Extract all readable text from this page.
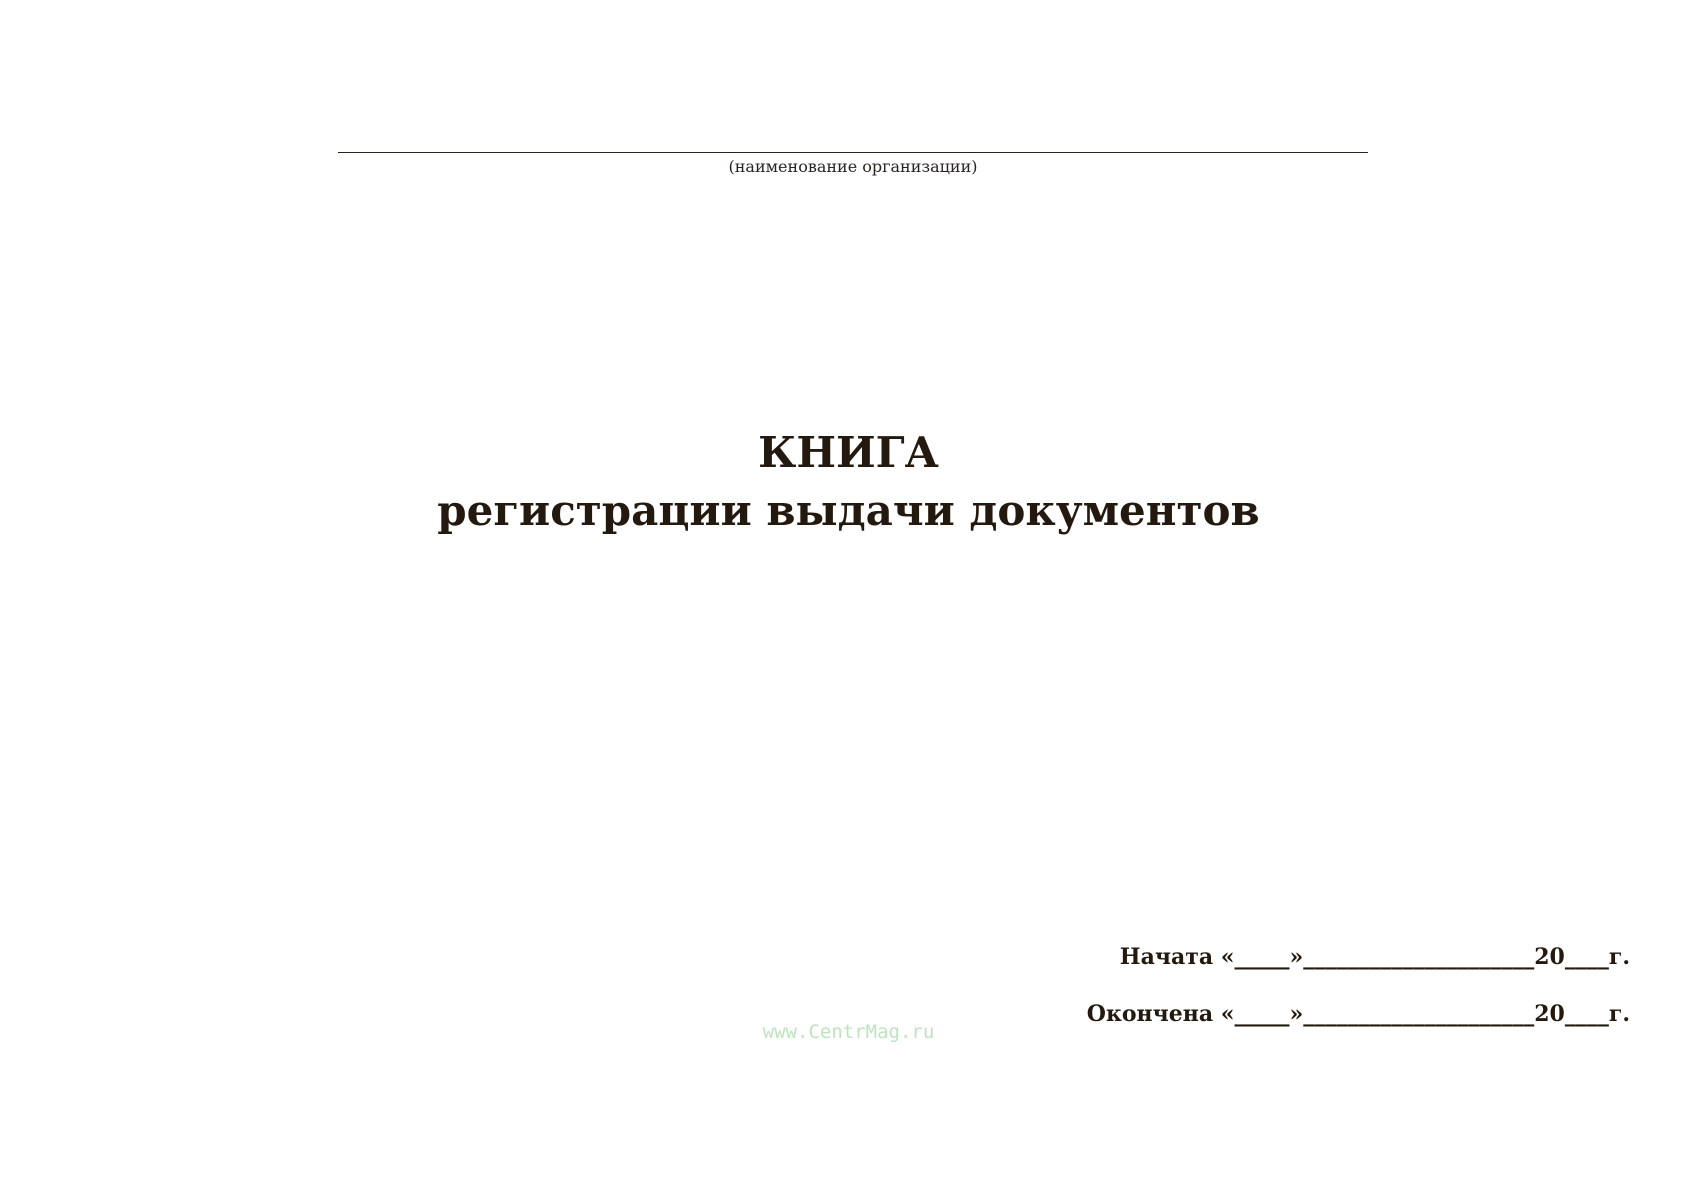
(наименование организации)
КНИГА
регистрации выдачи документов
Начата «_____»_____________________20____г.
Окончена «_____»_____________________20____г.
www.CentrMag.ru
